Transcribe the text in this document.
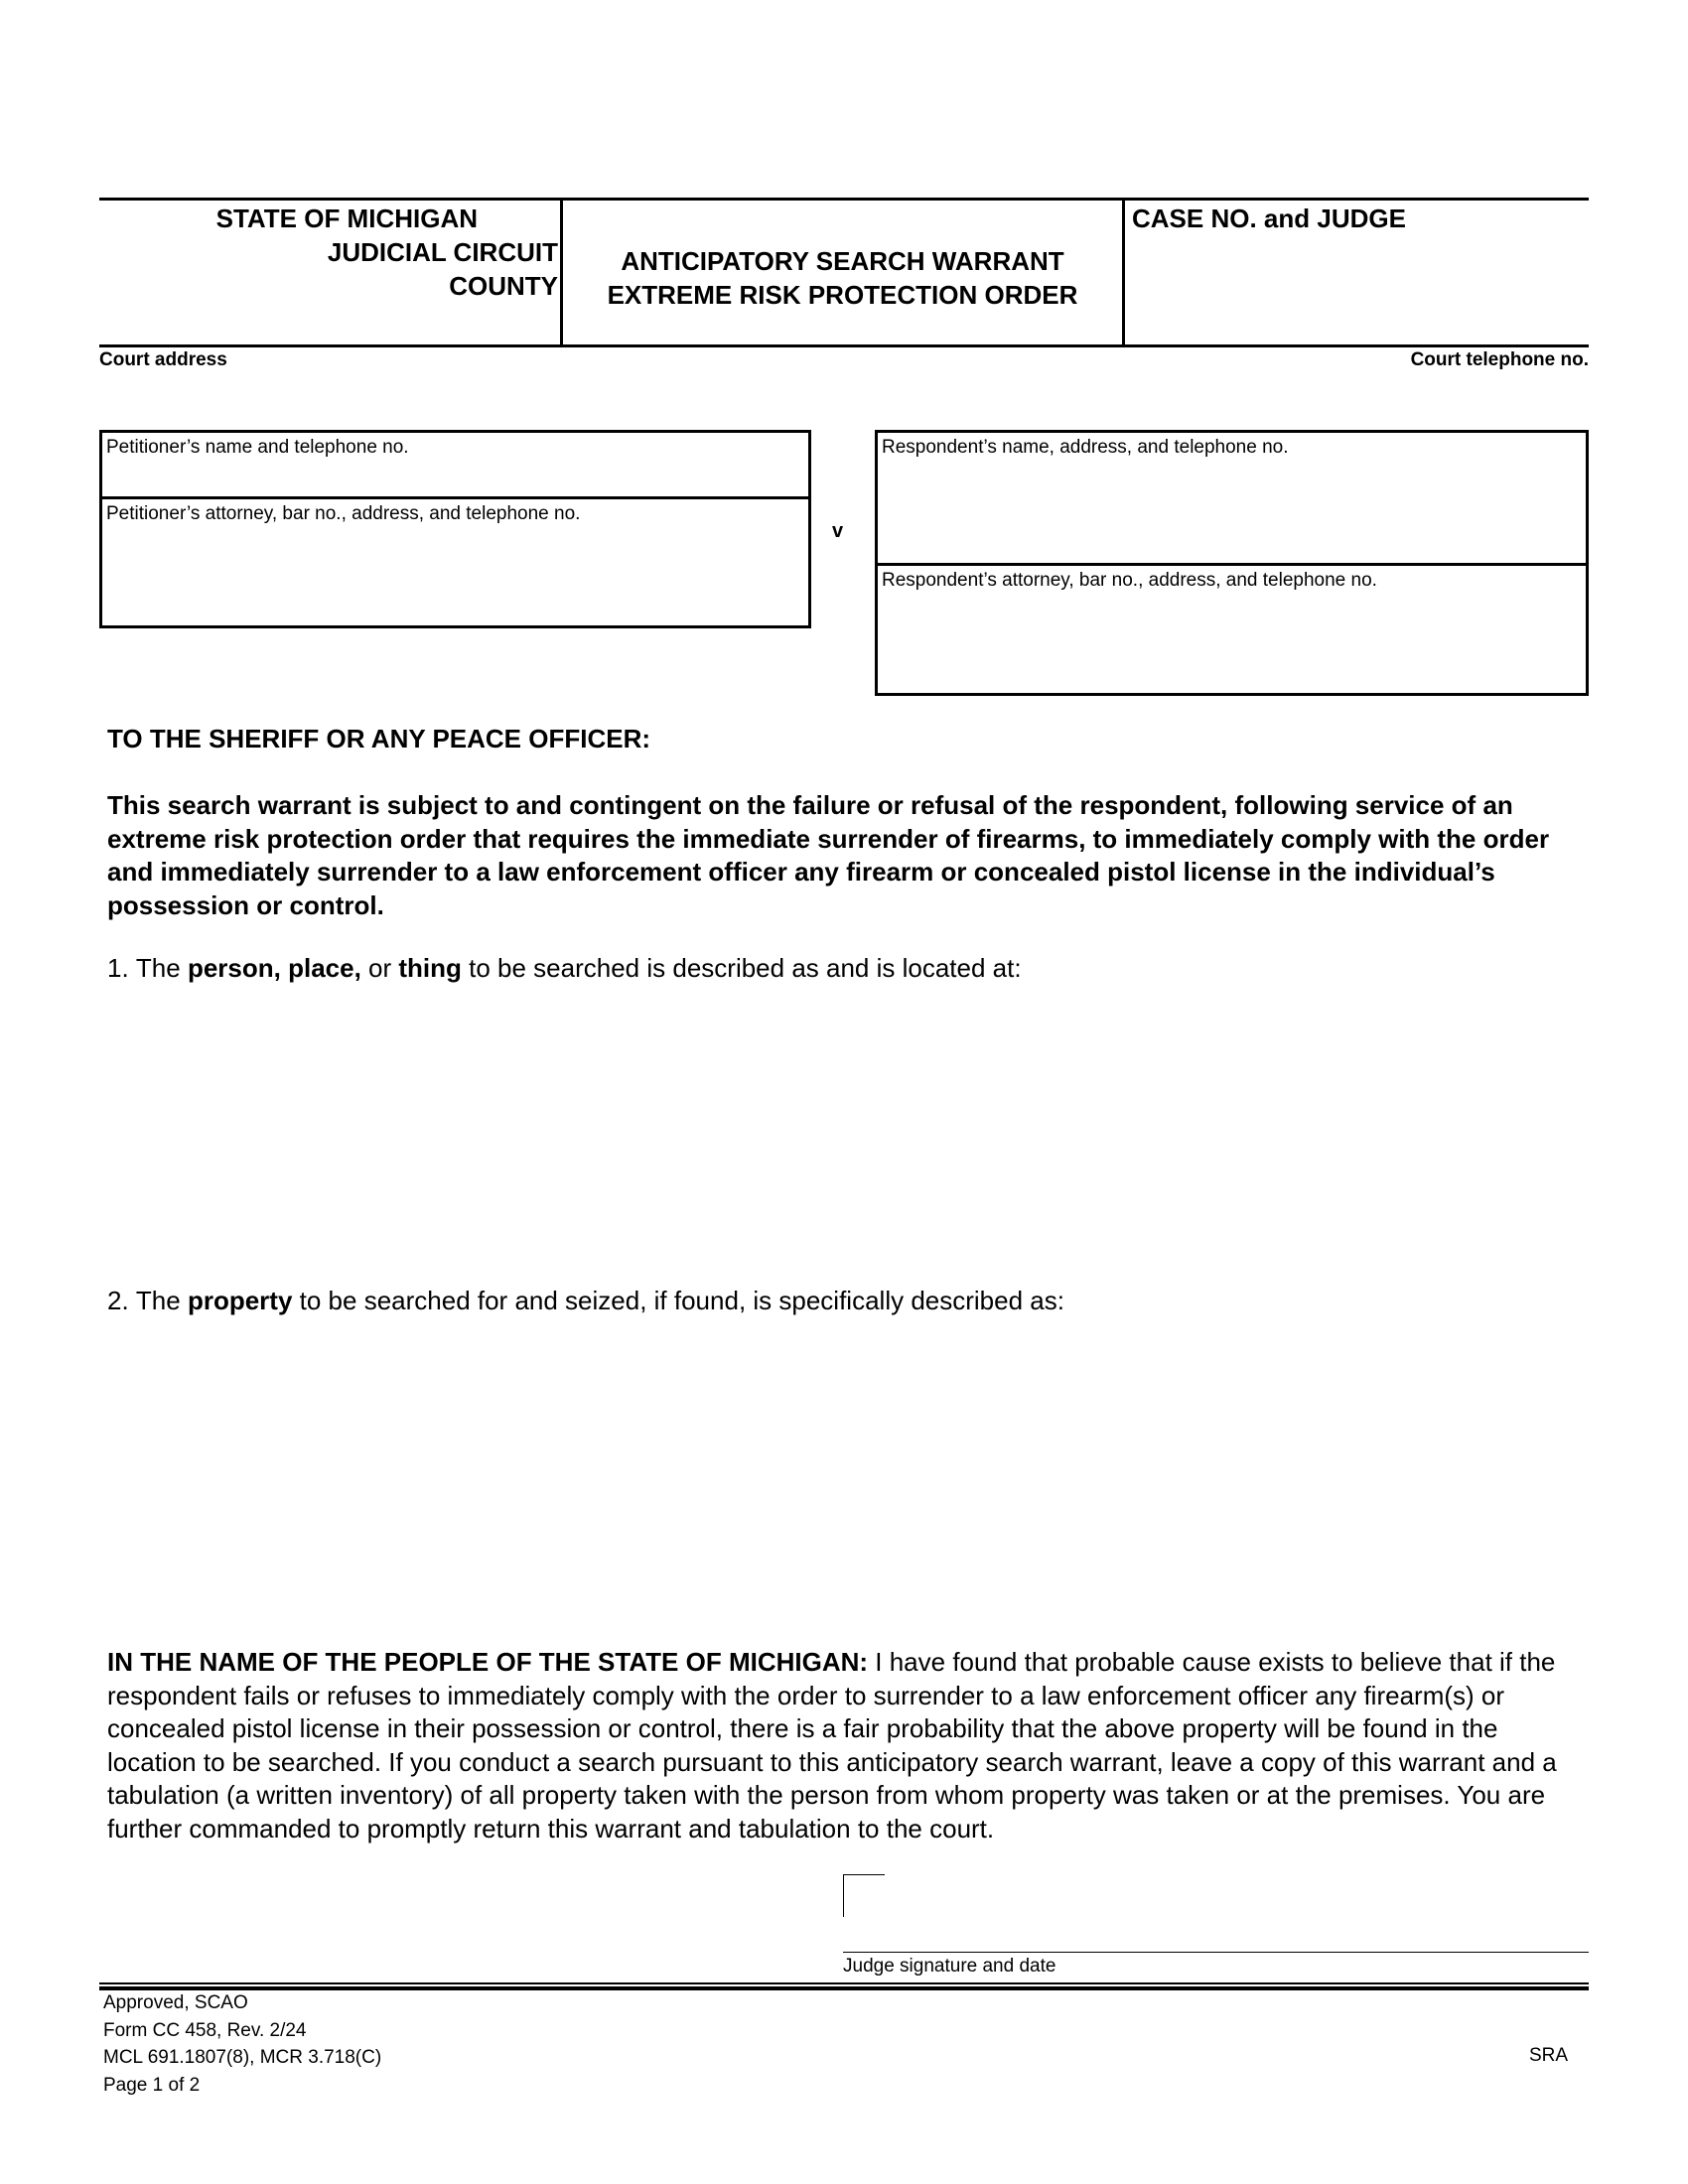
STATE OF MICHIGAN
JUDICIAL CIRCUIT
COUNTY
ANTICIPATORY SEARCH WARRANT
EXTREME RISK PROTECTION ORDER
CASE NO. and JUDGE
Court address	Court telephone no.
Petitioner’s name and telephone no.
Petitioner’s attorney, bar no., address, and telephone no.
v
Respondent’s name, address, and telephone no.
Respondent’s attorney, bar no., address, and telephone no.
TO THE SHERIFF OR ANY PEACE OFFICER:
This search warrant is subject to and contingent on the failure or refusal of the respondent, following service of an extreme risk protection order that requires the immediate surrender of firearms, to immediately comply with the order and immediately surrender to a law enforcement officer any firearm or concealed pistol license in the individual’s possession or control.
1. The person, place, or thing to be searched is described as and is located at:
2. The property to be searched for and seized, if found, is specifically described as:
IN THE NAME OF THE PEOPLE OF THE STATE OF MICHIGAN: I have found that probable cause exists to believe that if the respondent fails or refuses to immediately comply with the order to surrender to a law enforcement officer any firearm(s) or concealed pistol license in their possession or control, there is a fair probability that the above property will be found in the location to be searched. If you conduct a search pursuant to this anticipatory search warrant, leave a copy of this warrant and a tabulation (a written inventory) of all property taken with the person from whom property was taken or at the premises. You are further commanded to promptly return this warrant and tabulation to the court.
Judge signature and date
Approved, SCAO
Form CC 458, Rev. 2/24
MCL 691.1807(8), MCR 3.718(C)
Page 1 of 2
SRA
